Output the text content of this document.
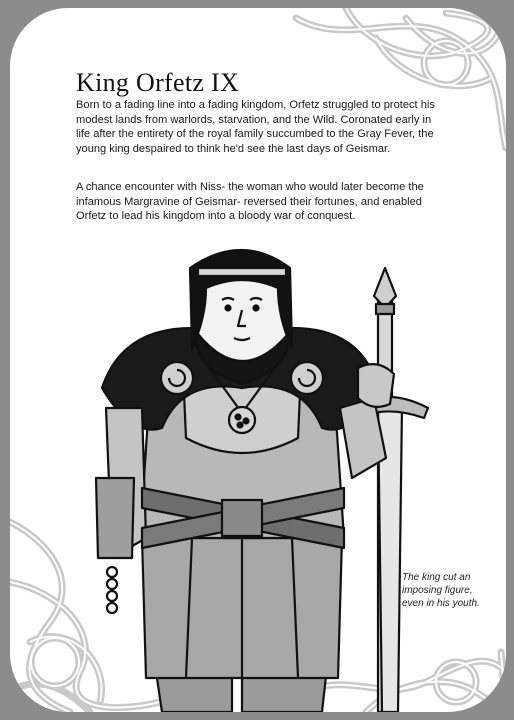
King Orfetz IX

Born to a fading line into a fading kingdom, Orfetz struggled to protect his modest lands from warlords, starvation, and the Wild. Coronated early in life after the entirety of the royal family succumbed to the Gray Fever, the young king despaired to think he'd see the last days of Geismar.

A chance encounter with Niss- the woman who would later become the infamous Margravine of Geismar- reversed their fortunes, and enabled Orfetz to lead his kingdom into a bloody war of conquest.

The king cut an imposing figure, even in his youth.
